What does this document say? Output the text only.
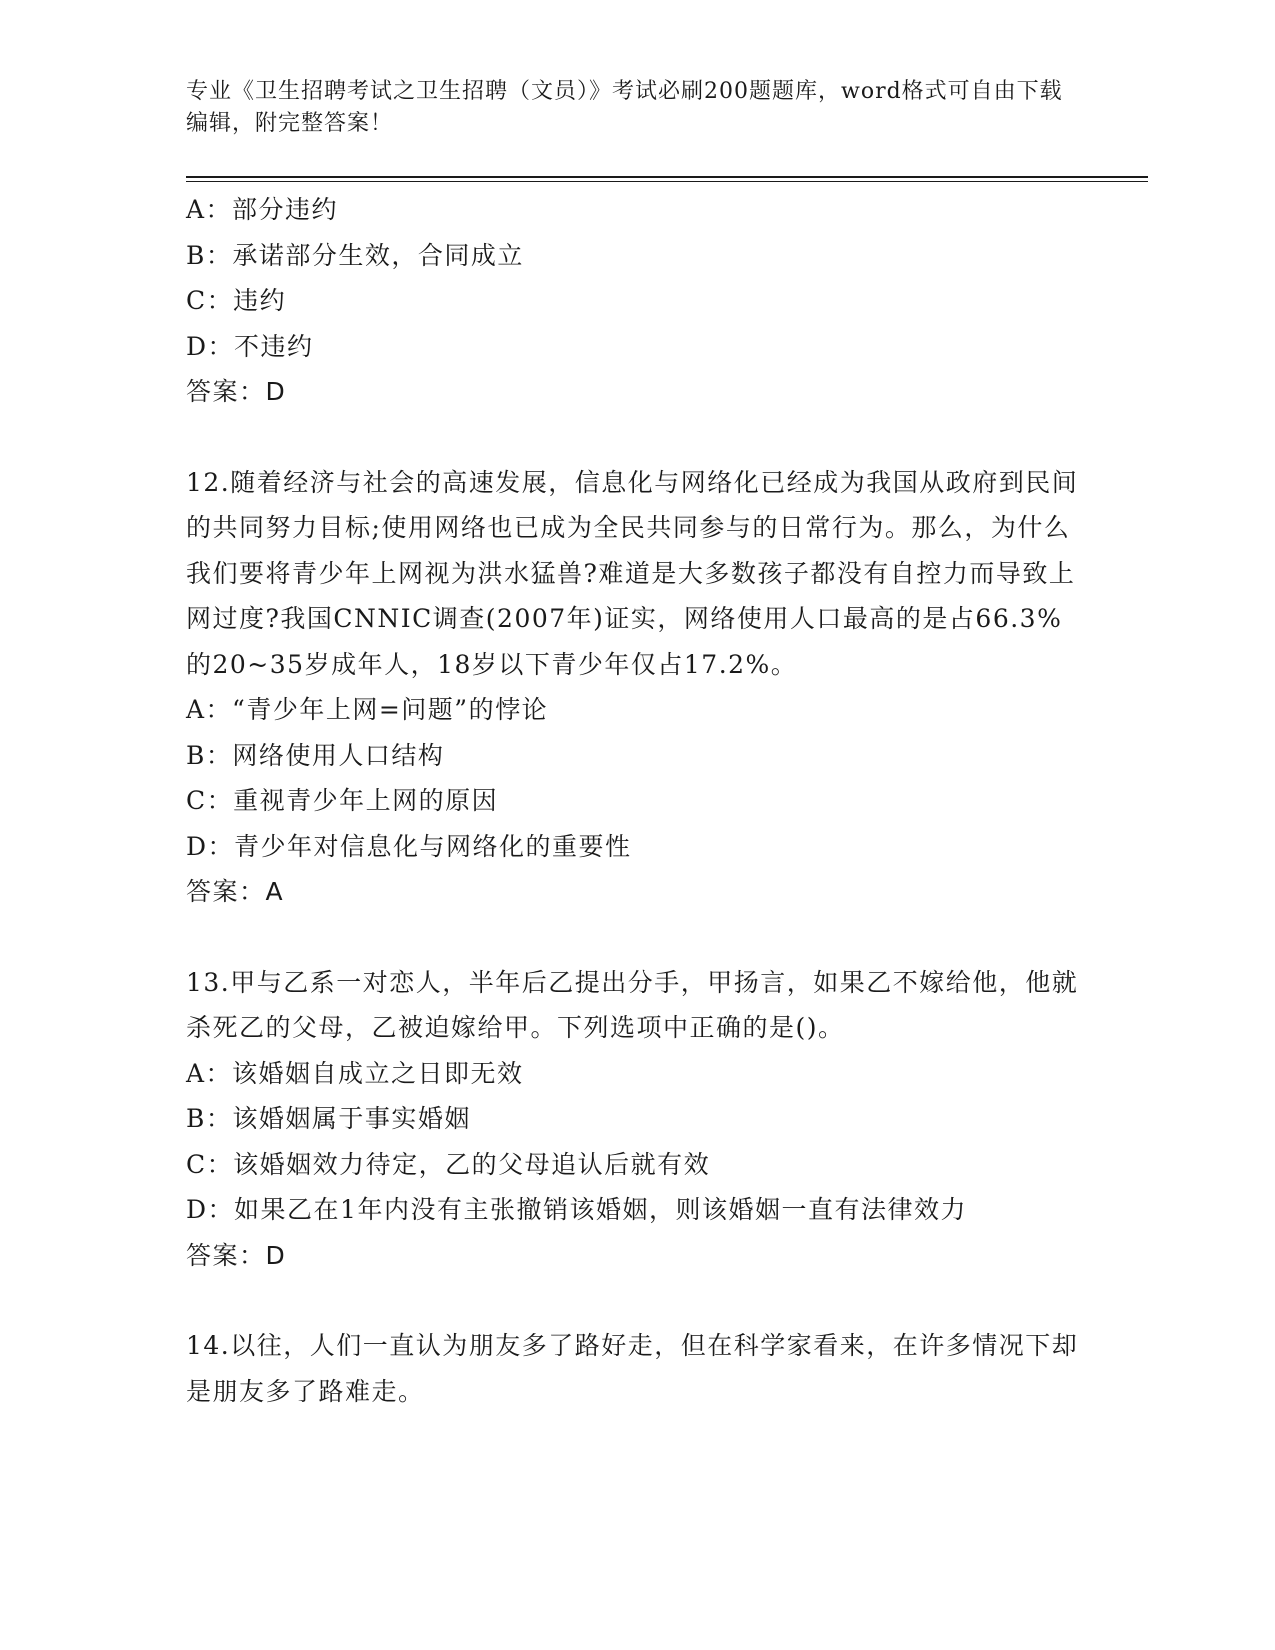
专业《卫生招聘考试之卫生招聘（文员）》考试必刷200题题库，word格式可自由下载编辑，附完整答案！

A：部分违约

B：承诺部分生效，合同成立

C：违约

D：不违约

答案：D

12.随着经济与社会的高速发展，信息化与网络化已经成为我国从政府到民间的共同努力目标;使用网络也已成为全民共同参与的日常行为。那么，为什么我们要将青少年上网视为洪水猛兽?难道是大多数孩子都没有自控力而导致上网过度?我国CNNIC调查(2007年)证实，网络使用人口最高的是占66.3%的20~35岁成年人，18岁以下青少年仅占17.2%。

A：“青少年上网=问题”的悖论

B：网络使用人口结构

C：重视青少年上网的原因

D：青少年对信息化与网络化的重要性

答案：A

13.甲与乙系一对恋人，半年后乙提出分手，甲扬言，如果乙不嫁给他，他就杀死乙的父母，乙被迫嫁给甲。下列选项中正确的是()。

A：该婚姻自成立之日即无效

B：该婚姻属于事实婚姻

C：该婚姻效力待定，乙的父母追认后就有效

D：如果乙在1年内没有主张撤销该婚姻，则该婚姻一直有法律效力

答案：D

14.以往，人们一直认为朋友多了路好走，但在科学家看来，在许多情况下却是朋友多了路难走。
